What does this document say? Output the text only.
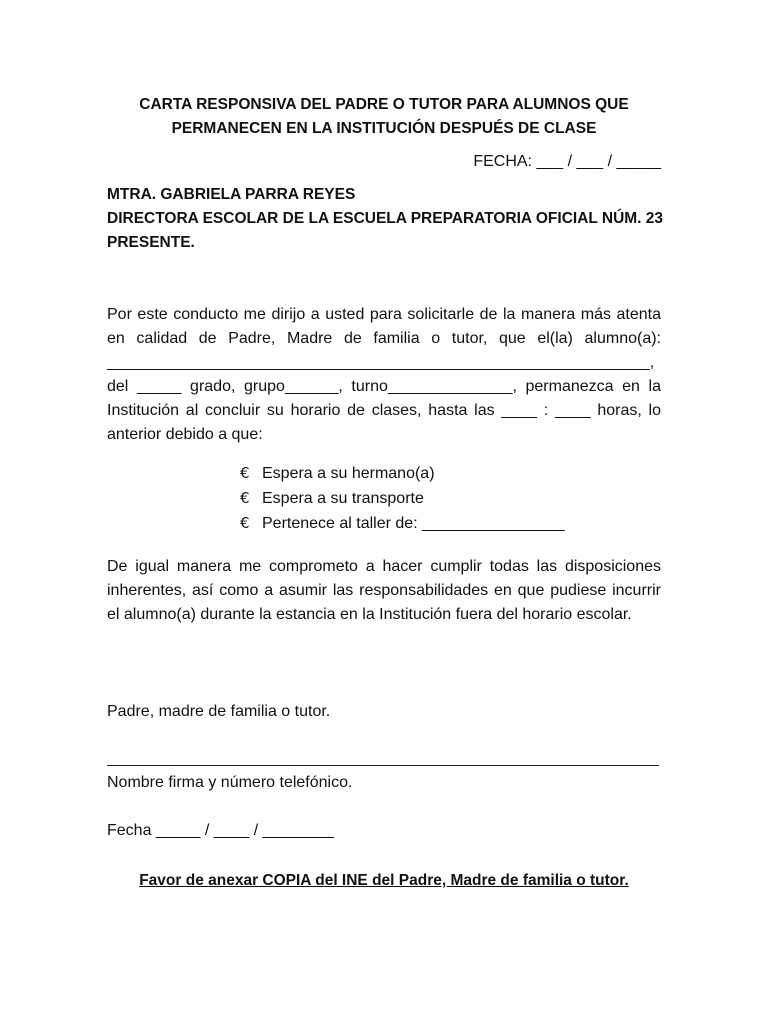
CARTA RESPONSIVA DEL PADRE O TUTOR PARA ALUMNOS QUE
PERMANECEN EN LA INSTITUCIÓN DESPUÉS DE CLASE
FECHA: ___ / ___ / _____
MTRA. GABRIELA PARRA REYES
DIRECTORA ESCOLAR DE LA ESCUELA PREPARATORIA OFICIAL NÚM. 23
PRESENTE.
Por este conducto me dirijo a usted para solicitarle de la manera más atenta
en calidad de Padre, Madre de familia o tutor, que el(la) alumno(a):
_____________________________________________________________,
del _____ grado, grupo______, turno______________, permanezca en la
Institución al concluir su horario de clases, hasta las ____ : ____ horas, lo
anterior debido a que:
€ Espera a su hermano(a)
€ Espera a su transporte
€ Pertenece al taller de: ________________
De igual manera me comprometo a hacer cumplir todas las disposiciones
inherentes, así como a asumir las responsabilidades en que pudiese incurrir
el alumno(a) durante la estancia en la Institución fuera del horario escolar.
Padre, madre de familia o tutor.
Nombre firma y número telefónico.
Fecha _____ / ____ / ________
Favor de anexar COPIA del INE del Padre, Madre de familia o tutor.
